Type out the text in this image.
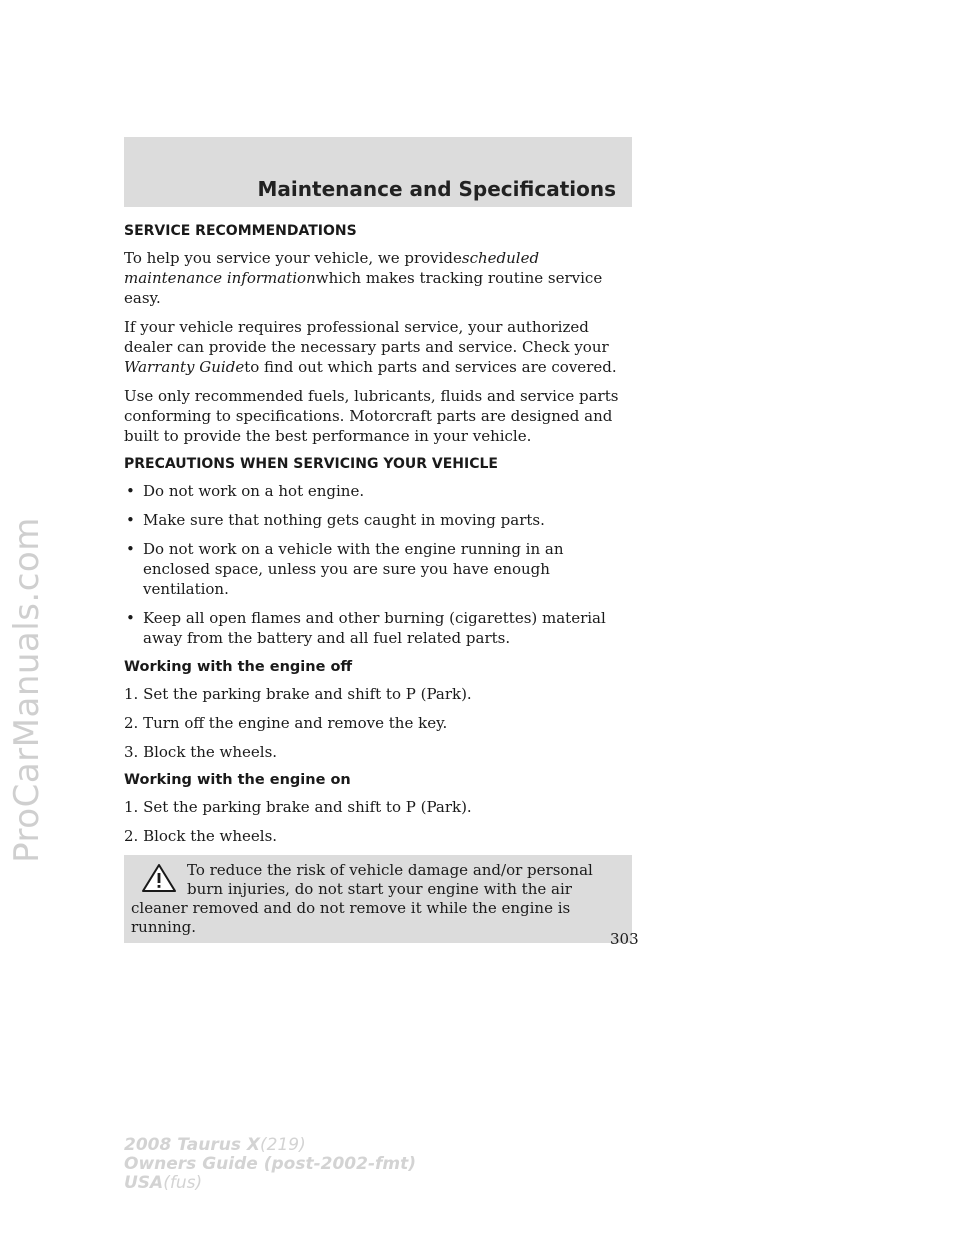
ProCarManuals.com
Maintenance and Specifications
SERVICE RECOMMENDATIONS

To help you service your vehicle, we providescheduled maintenance informationwhich makes tracking routine service easy.

If your vehicle requires professional service, your authorized dealer can provide the necessary parts and service. Check your Warranty Guideto find out which parts and services are covered.

Use only recommended fuels, lubricants, fluids and service parts conforming to specifications. Motorcraft parts are designed and built to provide the best performance in your vehicle.

PRECAUTIONS WHEN SERVICING YOUR VEHICLE
• Do not work on a hot engine.
• Make sure that nothing gets caught in moving parts.
• Do not work on a vehicle with the engine running in an enclosed space, unless you are sure you have enough ventilation.
• Keep all open flames and other burning (cigarettes) material away from the battery and all fuel related parts.
Working with the engine off

1. Set the parking brake and shift to P (Park).

2. Turn off the engine and remove the key.

3. Block the wheels.

Working with the engine on

1. Set the parking brake and shift to P (Park).

2. Block the wheels.

To reduce the risk of vehicle damage and/or personal burn injuries, do not start your engine with the air cleaner removed and do not remove it while the engine is running.
303
2008 Taurus X(219)
Owners Guide (post-2002-fmt)
USA(fus)
